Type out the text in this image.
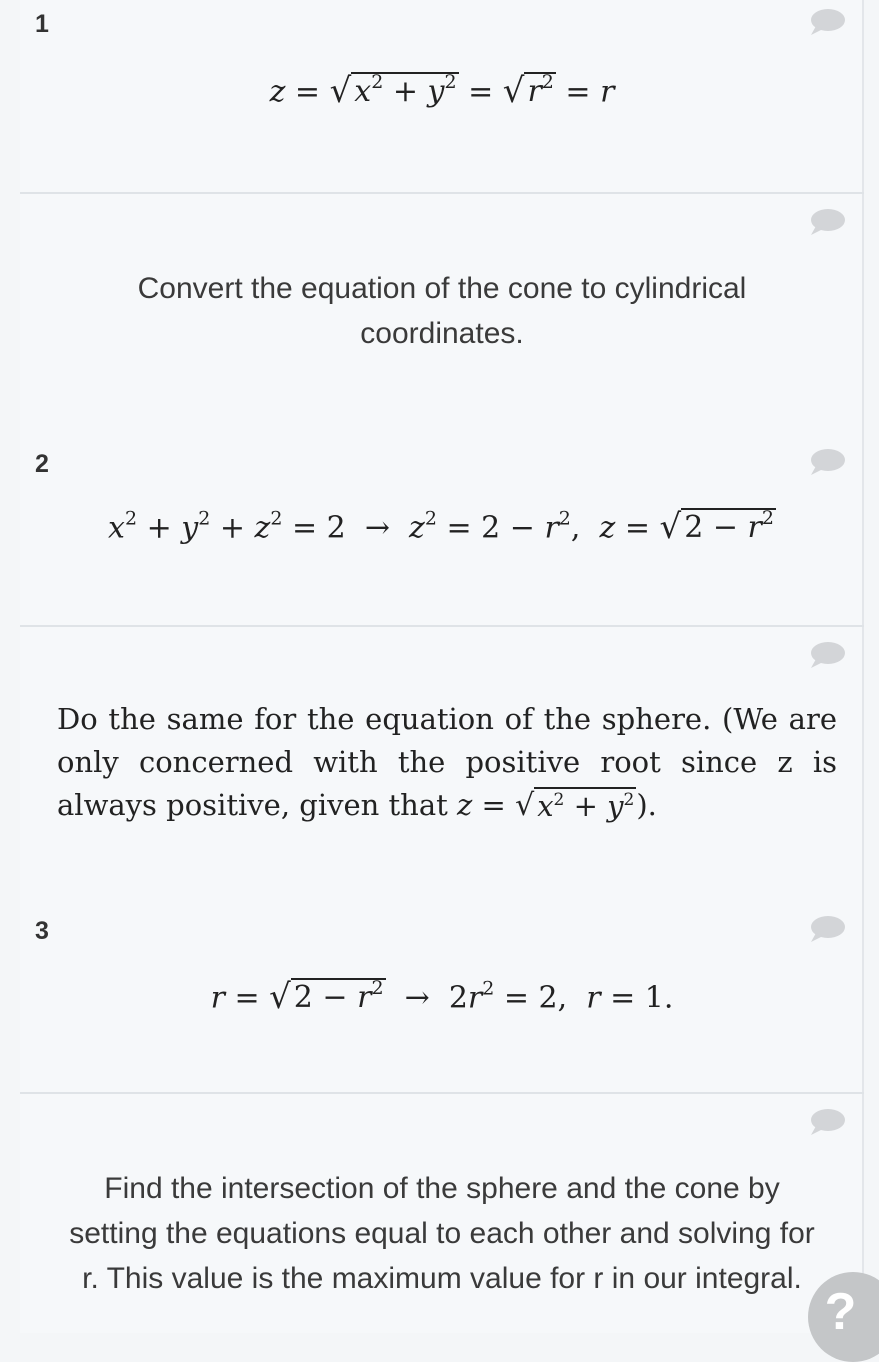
1
z = √ $x^2 + y^2$ = √ $r^2 = r$
Convert the equation of the cone to cylindrical coordinates.
2
$x^2 + y^2 + z^2 = 2 \to z^2 = 2 - r^2$,  z = √ $2 - r^2$
Do the same for the equation of the sphere. (We are only concerned with the positive root since z is always positive, given that z = √ $x^2 + y^2$ ).
3
r = √ $2 - r^2 \to 2r^2 = 2$,  r = 1.
Find the intersection of the sphere and the cone by setting the equations equal to each other and solving for r. This value is the maximum value for r in our integral.
?
